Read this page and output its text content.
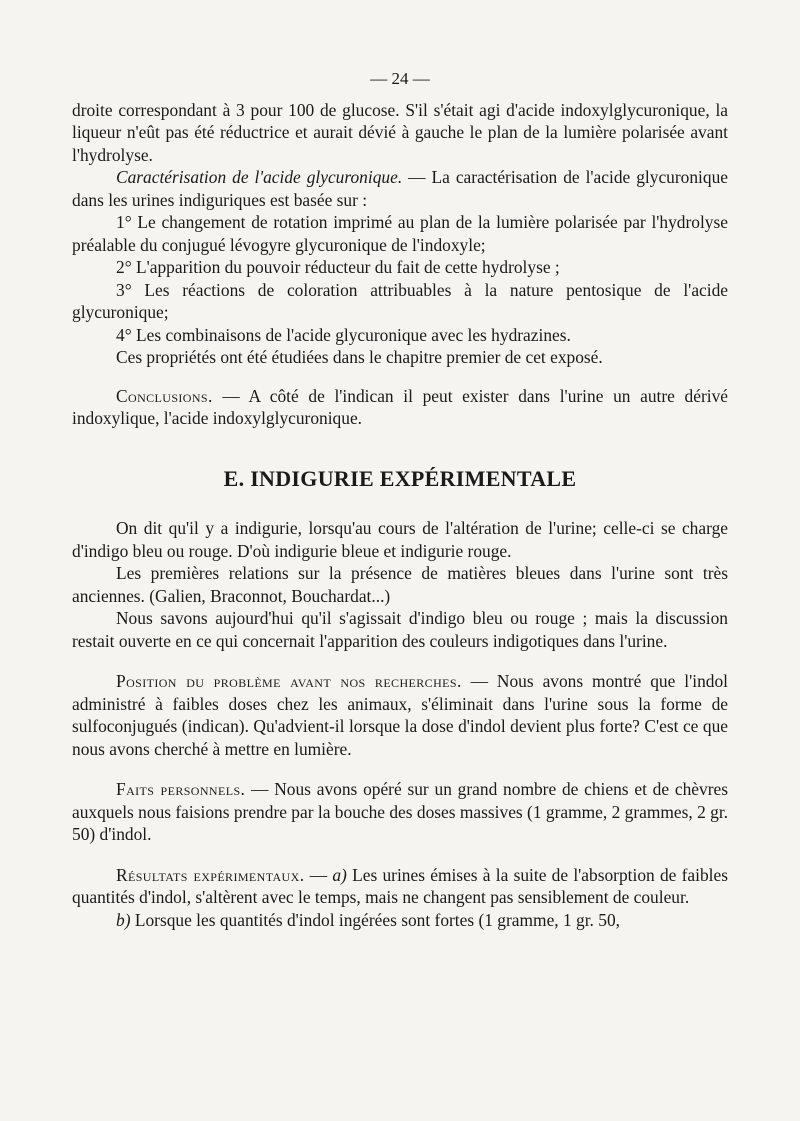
— 24 —

droite correspondant à 3 pour 100 de glucose. S'il s'était agi d'acide indoxylglycuronique, la liqueur n'eût pas été réductrice et aurait dévié à gauche le plan de la lumière polarisée avant l'hydrolyse.

Caractérisation de l'acide glycuronique. — La caractérisation de l'acide glycuronique dans les urines indiguriques est basée sur :

1° Le changement de rotation imprimé au plan de la lumière polarisée par l'hydrolyse préalable du conjugué lévogyre glycuronique de l'indoxyle;

2° L'apparition du pouvoir réducteur du fait de cette hydrolyse ;

3° Les réactions de coloration attribuables à la nature pentosique de l'acide glycuronique;

4° Les combinaisons de l'acide glycuronique avec les hydrazines.

Ces propriétés ont été étudiées dans le chapitre premier de cet exposé.

Conclusions. — A côté de l'indican il peut exister dans l'urine un autre dérivé indoxylique, l'acide indoxylglycuronique.

E. INDIGURIE EXPÉRIMENTALE

On dit qu'il y a indigurie, lorsqu'au cours de l'altération de l'urine; celle-ci se charge d'indigo bleu ou rouge. D'où indigurie bleue et indigurie rouge.

Les premières relations sur la présence de matières bleues dans l'urine sont très anciennes. (Galien, Braconnot, Bouchardat...)

Nous savons aujourd'hui qu'il s'agissait d'indigo bleu ou rouge ; mais la discussion restait ouverte en ce qui concernait l'apparition des couleurs indigotiques dans l'urine.

Position du problème avant nos recherches. — Nous avons montré que l'indol administré à faibles doses chez les animaux, s'éliminait dans l'urine sous la forme de sulfoconjugués (indican). Qu'advient-il lorsque la dose d'indol devient plus forte? C'est ce que nous avons cherché à mettre en lumière.

Faits personnels. — Nous avons opéré sur un grand nombre de chiens et de chèvres auxquels nous faisions prendre par la bouche des doses massives (1 gramme, 2 grammes, 2 gr. 50) d'indol.

Résultats expérimentaux. — a) Les urines émises à la suite de l'absorption de faibles quantités d'indol, s'altèrent avec le temps, mais ne changent pas sensiblement de couleur.

b) Lorsque les quantités d'indol ingérées sont fortes (1 gramme, 1 gr. 50,
